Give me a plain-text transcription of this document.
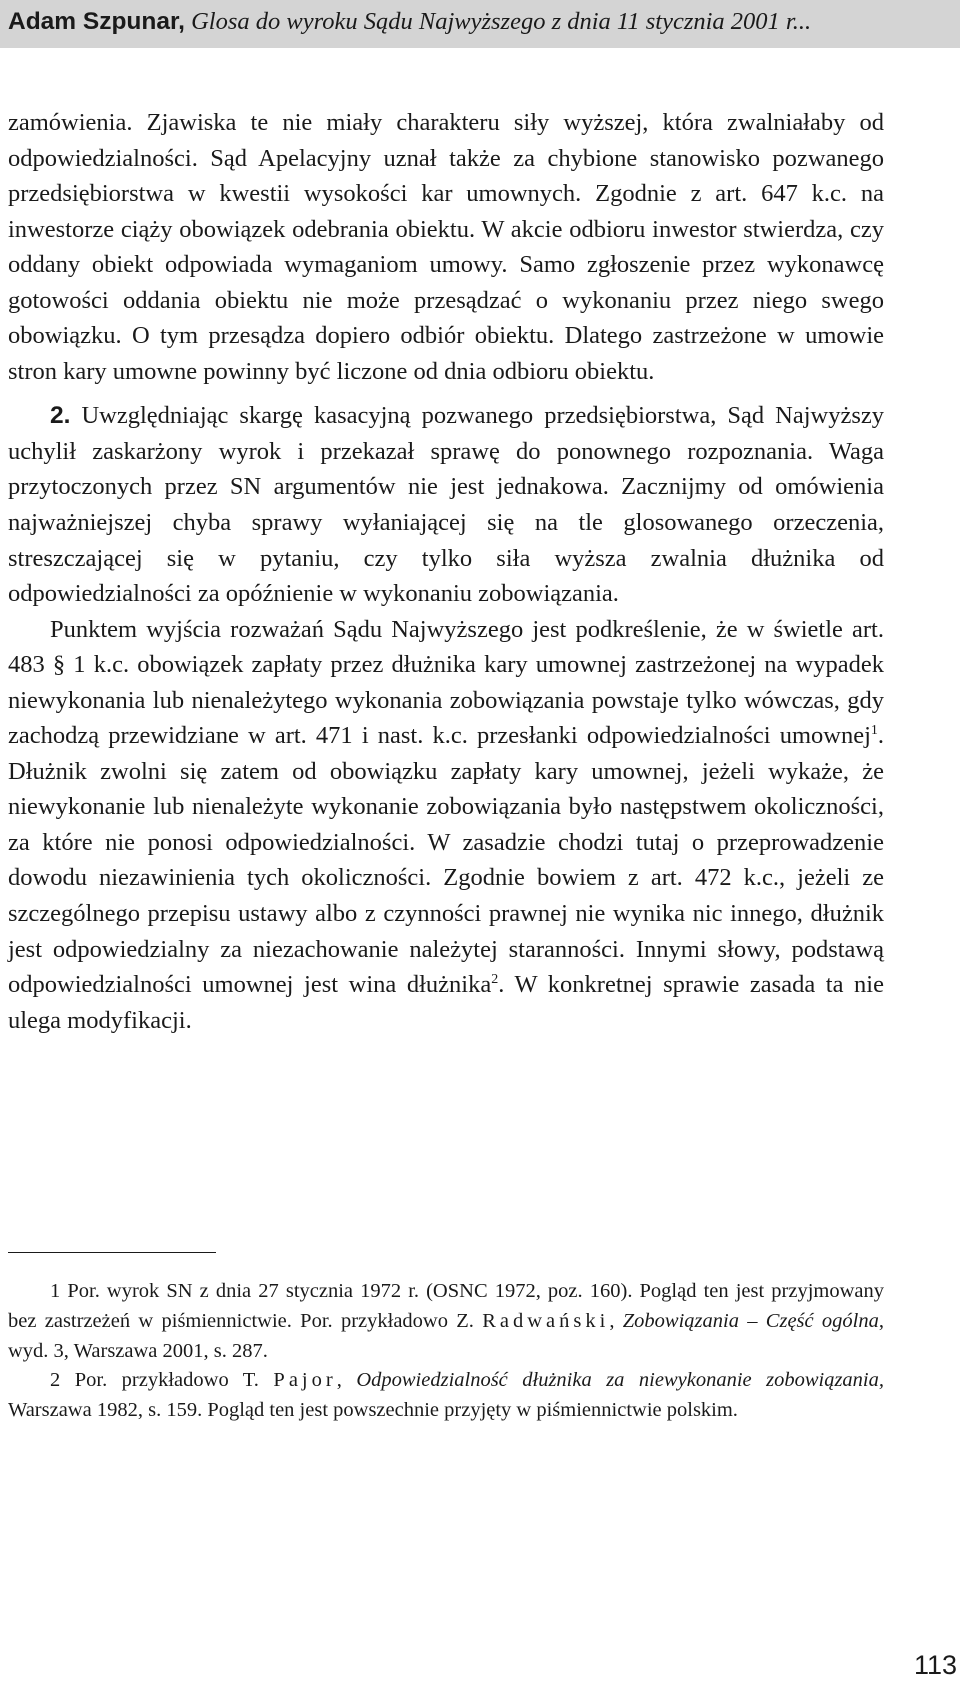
Adam Szpunar, Glosa do wyroku Sądu Najwyższego z dnia 11 stycznia 2001 r...

zamówienia. Zjawiska te nie miały charakteru siły wyższej, która zwalniałaby od odpowiedzialności. Sąd Apelacyjny uznał także za chybione stanowisko pozwanego przedsiębiorstwa w kwestii wysokości kar umownych. Zgodnie z art. 647 k.c. na inwestorze ciąży obowiązek odebrania obiektu. W akcie odbioru inwestor stwierdza, czy oddany obiekt odpowiada wymaganiom umowy. Samo zgłoszenie przez wykonawcę gotowości oddania obiektu nie może przesądzać o wykonaniu przez niego swego obowiązku. O tym przesądza dopiero odbiór obiektu. Dlatego zastrzeżone w umowie stron kary umowne powinny być liczone od dnia odbioru obiektu.

2. Uwzględniając skargę kasacyjną pozwanego przedsiębiorstwa, Sąd Najwyższy uchylił zaskarżony wyrok i przekazał sprawę do ponownego rozpoznania. Waga przytoczonych przez SN argumentów nie jest jednakowa. Zacznijmy od omówienia najważniejszej chyba sprawy wyłaniającej się na tle glosowanego orzeczenia, streszczającej się w pytaniu, czy tylko siła wyższa zwalnia dłużnika od odpowiedzialności za opóźnienie w wykonaniu zobowiązania.

Punktem wyjścia rozważań Sądu Najwyższego jest podkreślenie, że w świetle art. 483 § 1 k.c. obowiązek zapłaty przez dłużnika kary umownej zastrzeżonej na wypadek niewykonania lub nienależytego wykonania zobowiązania powstaje tylko wówczas, gdy zachodzą przewidziane w art. 471 i nast. k.c. przesłanki odpowiedzialności umownej$^1$. Dłużnik zwolni się zatem od obowiązku zapłaty kary umownej, jeżeli wykaże, że niewykonanie lub nienależyte wykonanie zobowiązania było następstwem okoliczności, za które nie ponosi odpowiedzialności. W zasadzie chodzi tutaj o przeprowadzenie dowodu niezawinienia tych okoliczności. Zgodnie bowiem z art. 472 k.c., jeżeli ze szczególnego przepisu ustawy albo z czynności prawnej nie wynika nic innego, dłużnik jest odpowiedzialny za niezachowanie należytej staranności. Innymi słowy, podstawą odpowiedzialności umownej jest wina dłużnika$^2$. W konkretnej sprawie zasada ta nie ulega modyfikacji.

1 Por. wyrok SN z dnia 27 stycznia 1972 r. (OSNC 1972, poz. 160). Pogląd ten jest przyjmowany bez zastrzeżeń w piśmiennictwie. Por. przykładowo Z. Radwański, Zobowiązania – Część ogólna, wyd. 3, Warszawa 2001, s. 287.

2 Por. przykładowo T. Pajor, Odpowiedzialność dłużnika za niewykonanie zobowiązania, Warszawa 1982, s. 159. Pogląd ten jest powszechnie przyjęty w piśmiennictwie polskim.

113
